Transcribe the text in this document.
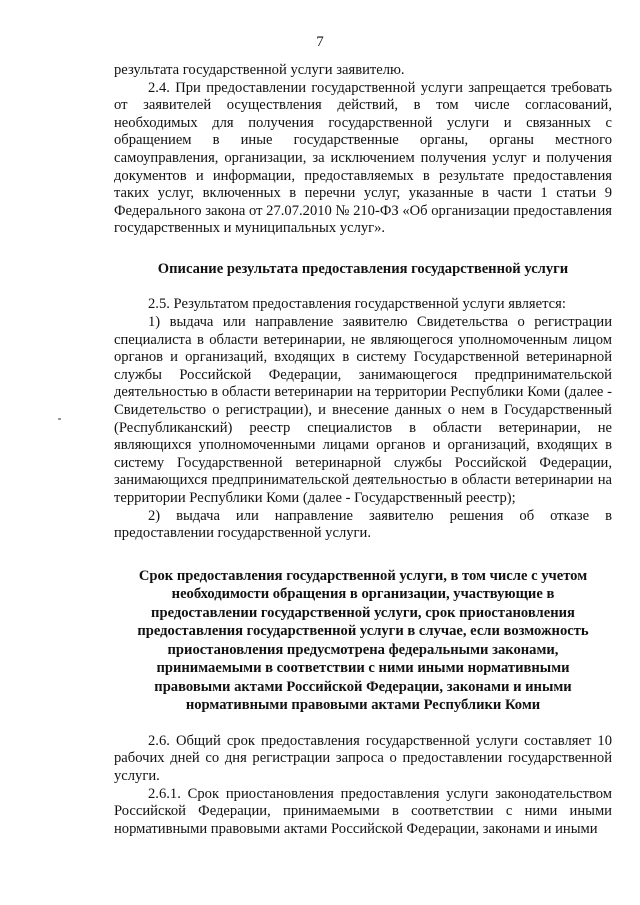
7

результата государственной услуги заявителю.

2.4. При предоставлении государственной услуги запрещается требовать от заявителей осуществления действий, в том числе согласований, необходимых для получения государственной услуги и связанных с обращением в иные государственные органы, органы местного самоуправления, организации, за исключением получения услуг и получения документов и информации, предоставляемых в результате предоставления таких услуг, включенных в перечни услуг, указанные в части 1 статьи 9 Федерального закона от 27.07.2010 № 210-ФЗ «Об организации предоставления государственных и муниципальных услуг».

Описание результата предоставления государственной услуги

2.5. Результатом предоставления государственной услуги является:

1) выдача или направление заявителю Свидетельства о регистрации специалиста в области ветеринарии, не являющегося уполномоченным лицом органов и организаций, входящих в систему Государственной ветеринарной службы Российской Федерации, занимающегося предпринимательской деятельностью в области ветеринарии на территории Республики Коми (далее - Свидетельство о регистрации), и внесение данных о нем в Государственный (Республиканский) реестр специалистов в области ветеринарии, не являющихся уполномоченными лицами органов и организаций, входящих в систему Государственной ветеринарной службы Российской Федерации, занимающихся предпринимательской деятельностью в области ветеринарии на территории Республики Коми (далее - Государственный реестр);

2) выдача или направление заявителю решения об отказе в предоставлении государственной услуги.

Срок предоставления государственной услуги, в том числе с учетом необходимости обращения в организации, участвующие в предоставлении государственной услуги, срок приостановления предоставления государственной услуги в случае, если возможность приостановления предусмотрена федеральными законами, принимаемыми в соответствии с ними иными нормативными правовыми актами Российской Федерации, законами и иными нормативными правовыми актами Республики Коми

2.6. Общий срок предоставления государственной услуги составляет 10 рабочих дней со дня регистрации запроса о предоставлении государственной услуги.

2.6.1. Срок приостановления предоставления услуги законодательством Российской Федерации, принимаемыми в соответствии с ними иными нормативными правовыми актами Российской Федерации, законами и иными
